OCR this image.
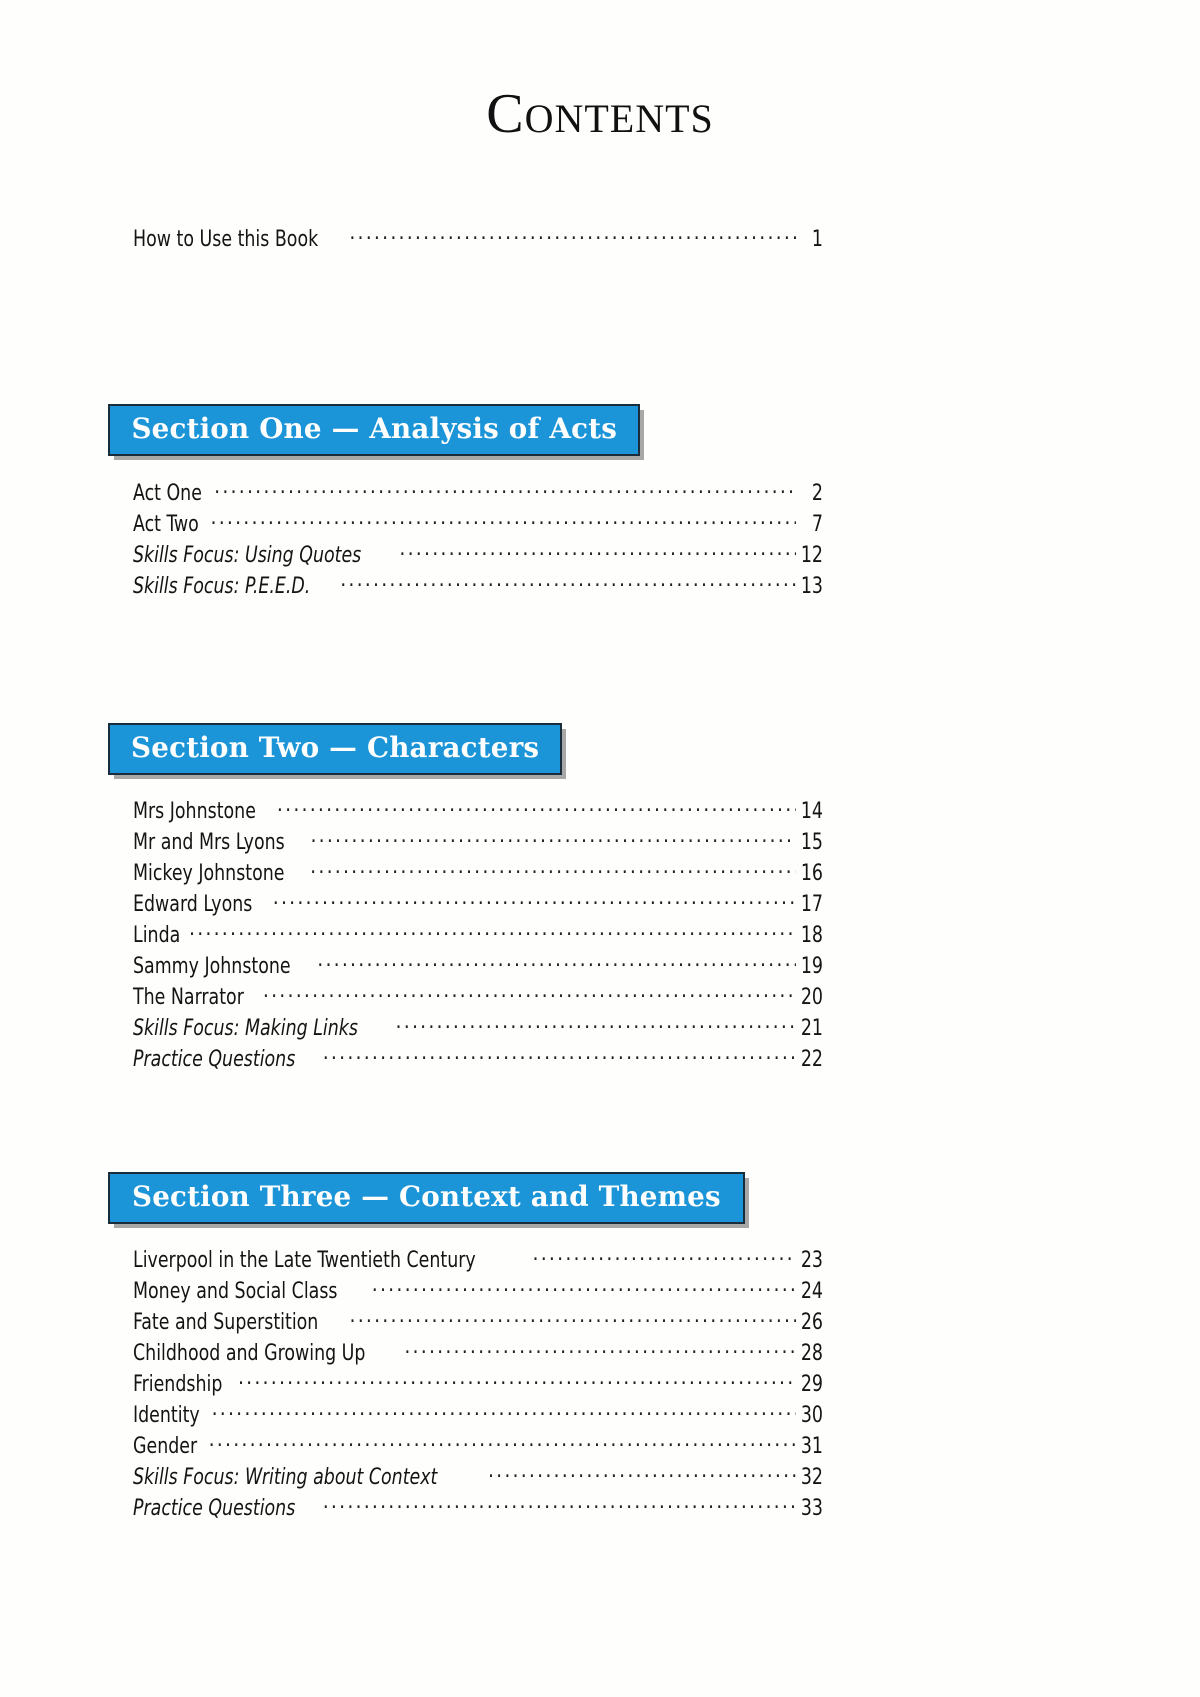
CONTENTS
How to Use this Book .....	1
Section One — Analysis of Acts
Act One .....	2
Act Two .....	7
Skills Focus: Using Quotes .....	12
Skills Focus: P.E.E.D. .....	13
Section Two — Characters
Mrs Johnstone .....	14
Mr and Mrs Lyons .....	15
Mickey Johnstone .....	16
Edward Lyons .....	17
Linda .....	18
Sammy Johnstone .....	19
The Narrator .....	20
Skills Focus: Making Links .....	21
Practice Questions .....	22
Section Three — Context and Themes
Liverpool in the Late Twentieth Century .....	23
Money and Social Class .....	24
Fate and Superstition .....	26
Childhood and Growing Up .....	28
Friendship .....	29
Identity .....	30
Gender .....	31
Skills Focus: Writing about Context .....	32
Practice Questions .....	33
